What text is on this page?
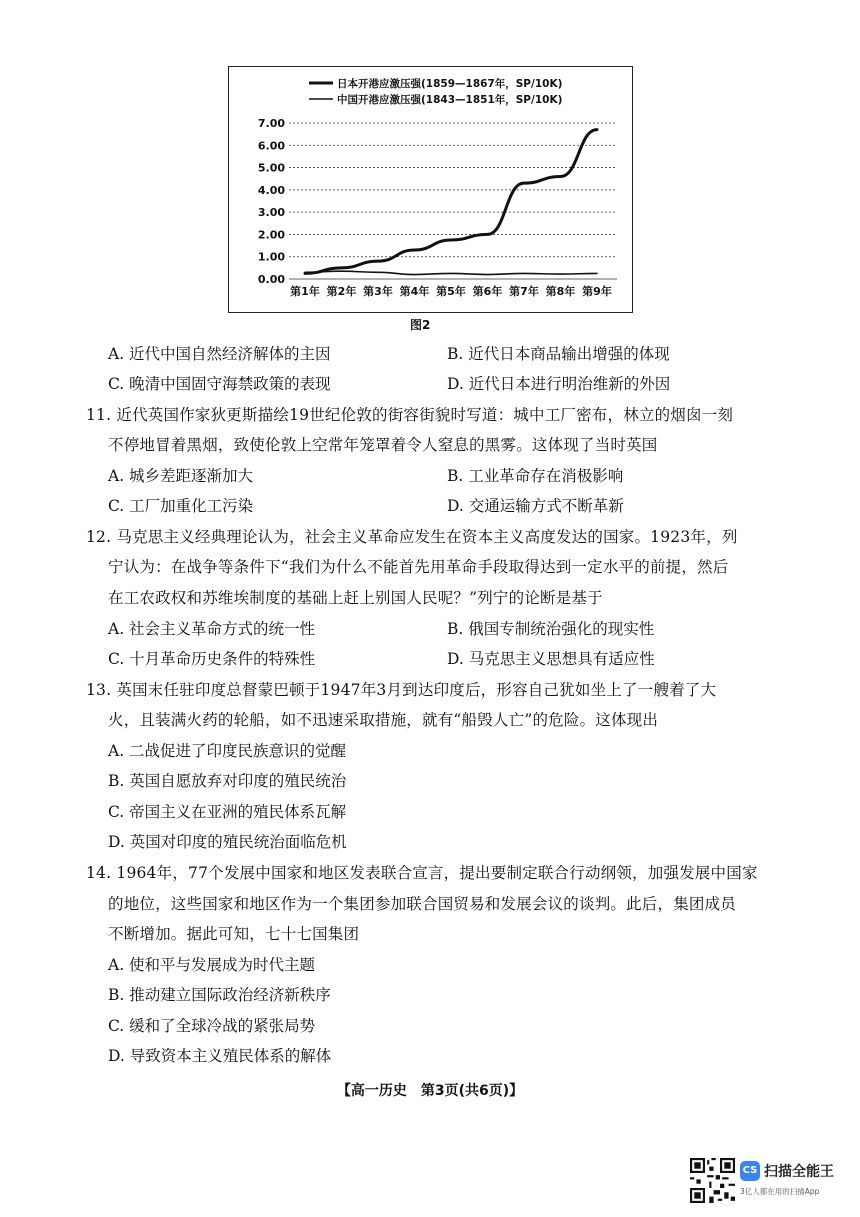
0.00
1.00
2.00
3.00
4.00
5.00
6.00
7.00
第1年 第2年 第3年 第4年 第5年 第6年 第7年 第8年 第9年
日本开港应激压强(1859—1867年，SP/10K)
中国开港应激压强(1843—1851年，SP/10K)
图2
A. 近代中国自然经济解体的主因	B. 近代日本商品输出增强的体现
C. 晚清中国固守海禁政策的表现	D. 近代日本进行明治维新的外因
11. 近代英国作家狄更斯描绘19世纪伦敦的街容街貌时写道：城中工厂密布，林立的烟囱一刻
不停地冒着黑烟，致使伦敦上空常年笼罩着令人窒息的黑雾。这体现了当时英国
A. 城乡差距逐渐加大	B. 工业革命存在消极影响
C. 工厂加重化工污染	D. 交通运输方式不断革新
12. 马克思主义经典理论认为，社会主义革命应发生在资本主义高度发达的国家。1923年，列
宁认为：在战争等条件下“我们为什么不能首先用革命手段取得达到一定水平的前提，然后
在工农政权和苏维埃制度的基础上赶上别国人民呢？”列宁的论断是基于
A. 社会主义革命方式的统一性	B. 俄国专制统治强化的现实性
C. 十月革命历史条件的特殊性	D. 马克思主义思想具有适应性
13. 英国末任驻印度总督蒙巴顿于1947年3月到达印度后，形容自己犹如坐上了一艘着了大
火，且装满火药的轮船，如不迅速采取措施，就有“船毁人亡”的危险。这体现出
A. 二战促进了印度民族意识的觉醒
B. 英国自愿放弃对印度的殖民统治
C. 帝国主义在亚洲的殖民体系瓦解
D. 英国对印度的殖民统治面临危机
14. 1964年，77个发展中国家和地区发表联合宣言，提出要制定联合行动纲领，加强发展中国家
的地位，这些国家和地区作为一个集团参加联合国贸易和发展会议的谈判。此后，集团成员
不断增加。据此可知，七十七国集团
A. 使和平与发展成为时代主题
B. 推动建立国际政治经济新秩序
C. 缓和了全球冷战的紧张局势
D. 导致资本主义殖民体系的解体
【高一历史　第3页(共6页)】
CS 扫描全能王
3亿人都在用的扫描App
